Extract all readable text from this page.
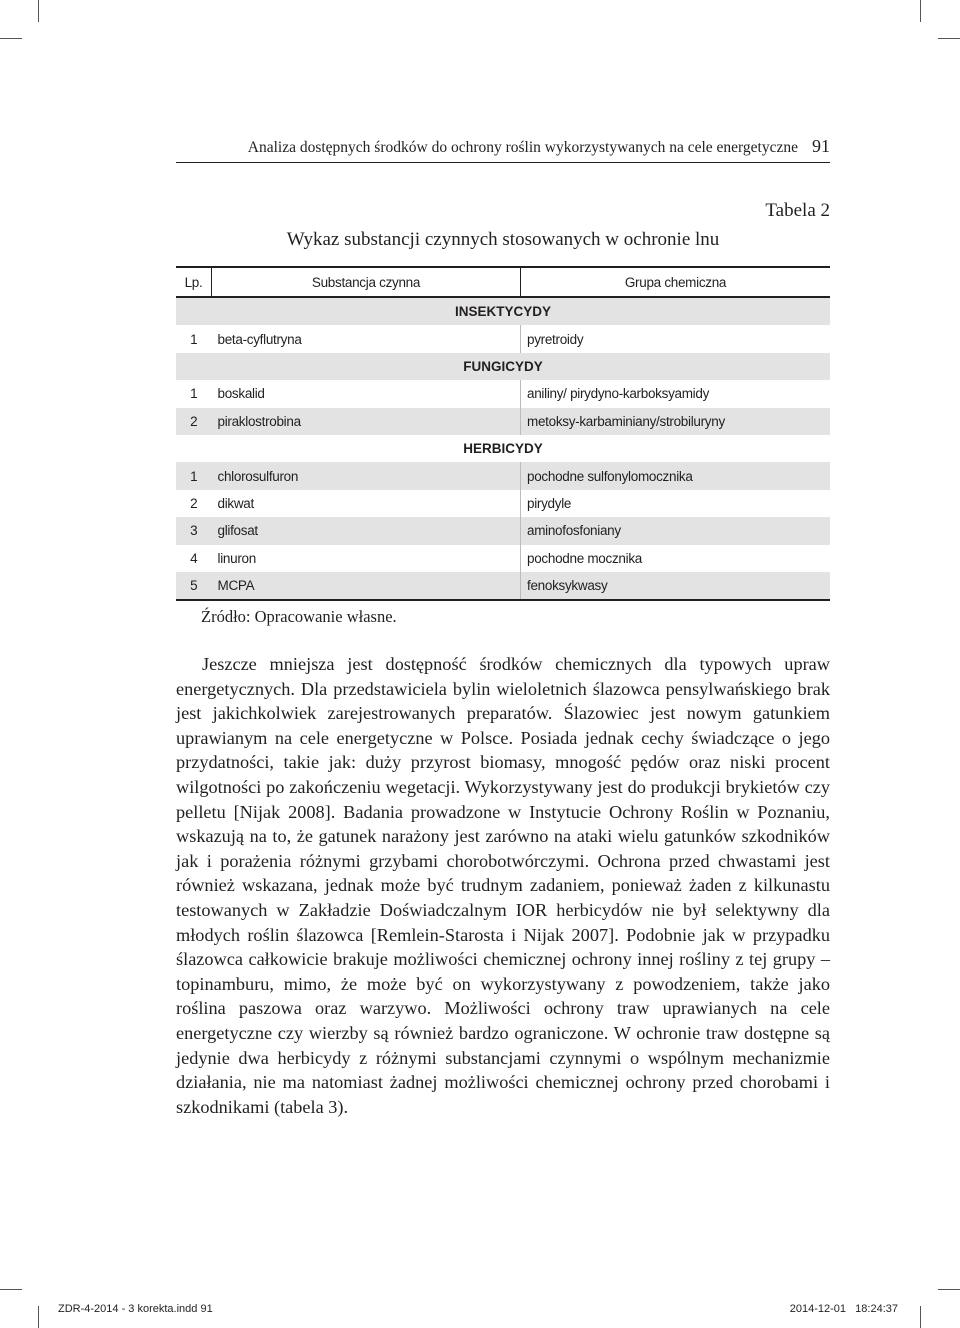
Analiza dostępnych środków do ochrony roślin wykorzystywanych na cele energetyczne 91
Tabela 2
Wykaz substancji czynnych stosowanych w ochronie lnu
Lp.	Substancja czynna	Grupa chemiczna
INSEKTYCYDY		
1	beta-cyflutryna	pyretroidy
FUNGICYDY		
1	boskalid	aniliny/ pirydyno-karboksyamidy
2	piraklostrobina	metoksy-karbaminiany/strobiluryny
HERBICYDY		
1	chlorosulfuron	pochodne sulfonylomocznika
2	dikwat	pirydyle
3	glifosat	aminofosfoniany
4	linuron	pochodne mocznika
5	MCPA	fenoksykwasy
Źródło: Opracowanie własne.

Jeszcze mniejsza jest dostępność środków chemicznych dla typowych upraw energetycznych. Dla przedstawiciela bylin wieloletnich ślazowca pensylwańskiego brak jest jakichkolwiek zarejestrowanych preparatów. Ślazowiec jest nowym gatunkiem uprawianym na cele energetyczne w Polsce. Posiada jednak cechy świadczące o jego przydatności, takie jak: duży przyrost biomasy, mnogość pędów oraz niski procent wilgotności po zakończeniu wegetacji. Wykorzystywany jest do produkcji brykietów czy pelletu [Nijak 2008]. Badania prowadzone w Instytucie Ochrony Roślin w Poznaniu, wskazują na to, że gatunek narażony jest zarówno na ataki wielu gatunków szkodników jak i porażenia różnymi grzybami chorobotwórczymi. Ochrona przed chwastami jest również wskazana, jednak może być trudnym zadaniem, ponieważ żaden z kilkunastu testowanych w Zakładzie Doświadczalnym IOR herbicydów nie był selektywny dla młodych roślin ślazowca [Remlein-Starosta i Nijak 2007]. Podobnie jak w przypadku ślazowca całkowicie brakuje możliwości chemicznej ochrony innej rośliny z tej grupy – topinamburu, mimo, że może być on wykorzystywany z powodzeniem, także jako roślina paszowa oraz warzywo. Możliwości ochrony traw uprawianych na cele energetyczne czy wierzby są również bardzo ograniczone. W ochronie traw dostępne są jedynie dwa herbicydy z różnymi substancjami czynnymi o wspólnym mechanizmie działania, nie ma natomiast żadnej możliwości chemicznej ochrony przed chorobami i szkodnikami (tabela 3).

ZDR-4-2014 - 3 korekta.indd 91	2014-12-01   18:24:37
